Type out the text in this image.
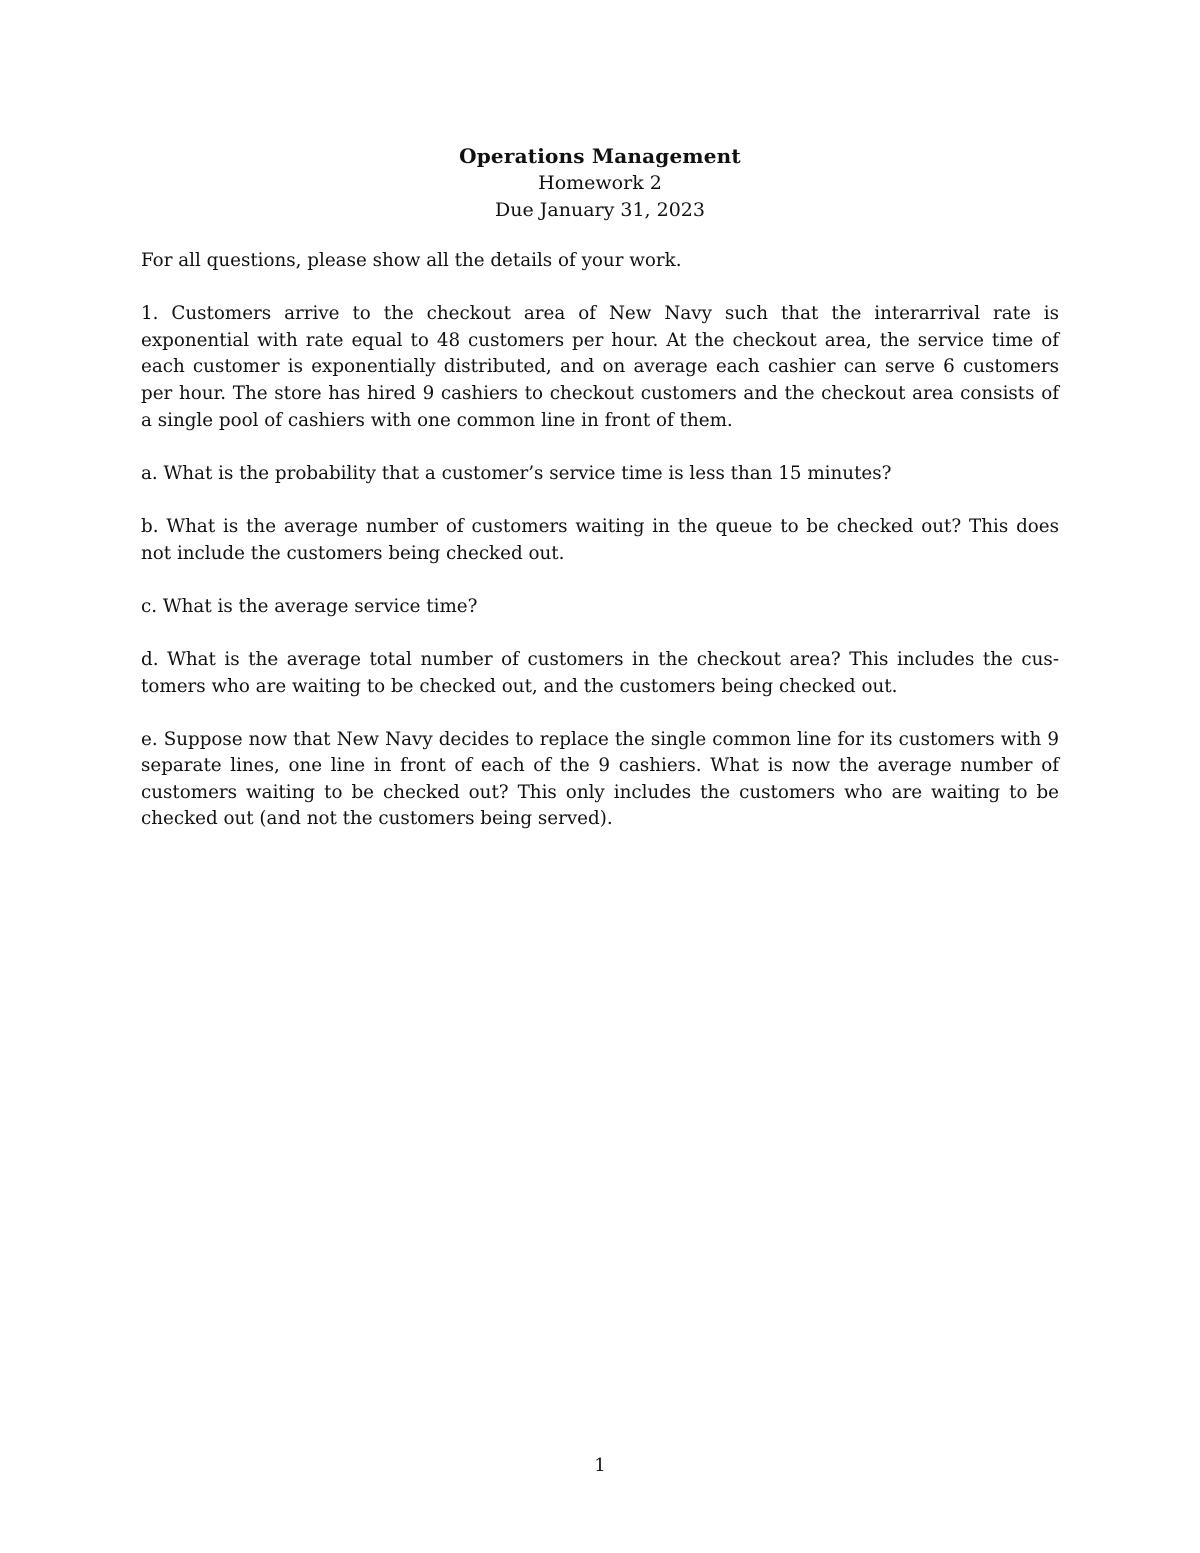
Operations Management
Homework 2
Due January 31, 2023

For all questions, please show all the details of your work.

1. Customers arrive to the checkout area of New Navy such that the interarrival rate is exponential with rate equal to 48 customers per hour. At the checkout area, the service time of each customer is exponentially distributed, and on average each cashier can serve 6 customers per hour. The store has hired 9 cashiers to checkout customers and the checkout area consists of a single pool of cashiers with one common line in front of them.

a. What is the probability that a customer’s service time is less than 15 minutes?

b. What is the average number of customers waiting in the queue to be checked out? This does not include the customers being checked out.

c. What is the average service time?

d. What is the average total number of customers in the checkout area? This includes the customers who are waiting to be checked out, and the customers being checked out.

e. Suppose now that New Navy decides to replace the single common line for its customers with 9 separate lines, one line in front of each of the 9 cashiers. What is now the average number of customers waiting to be checked out? This only includes the customers who are waiting to be checked out (and not the customers being served).

1
